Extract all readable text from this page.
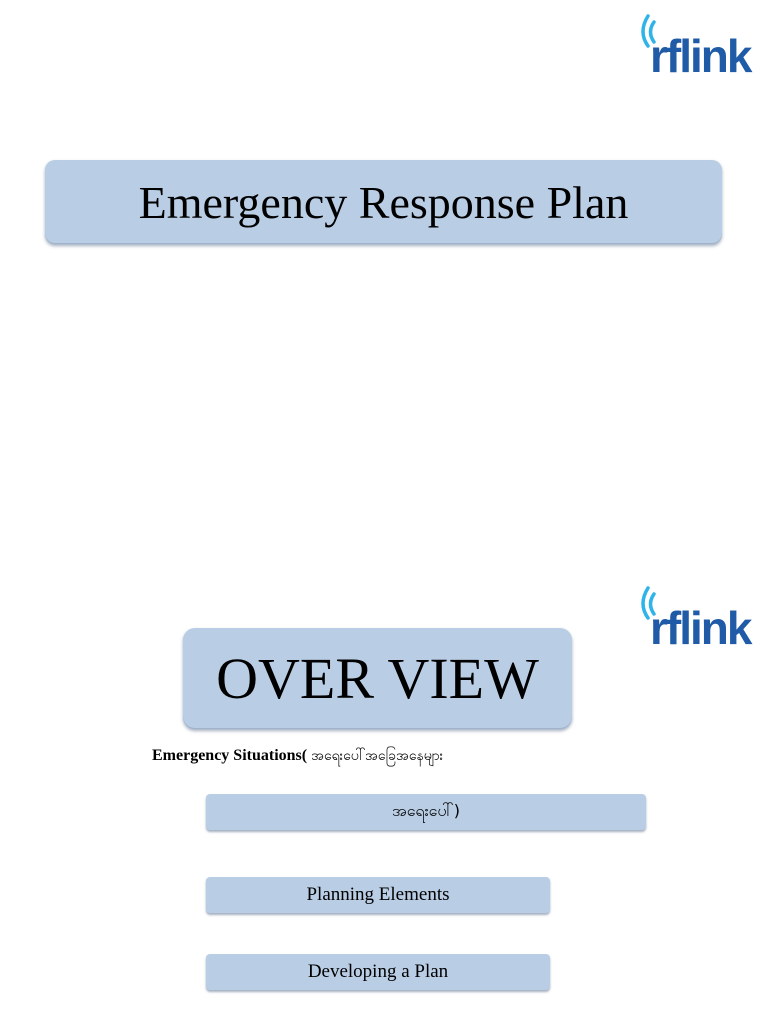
rflink
Emergency Response Plan
rflink
OVER VIEW
Emergency Situations( အရေးပေါ်အခြေအနေများ
အရေးပေါ်)
Planning Elements
Developing a Plan
